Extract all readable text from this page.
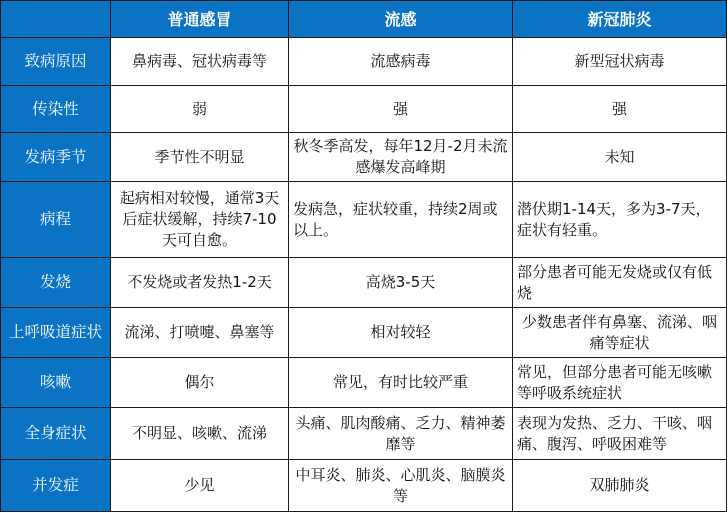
	普通感冒	流感	新冠肺炎
致病原因	鼻病毒、冠状病毒等	流感病毒	新型冠状病毒
传染性	弱	强	强
发病季节	季节性不明显	秋冬季高发，每年12月-2月未流感爆发高峰期	未知
病程	起病相对较慢，通常3天后症状缓解，持续7-10天可自愈。	发病急，症状较重，持续2周或以上。	潜伏期1-14天，多为3-7天，症状有轻重。
发烧	不发烧或者发热1-2天	高烧3-5天	部分患者可能无发烧或仅有低烧
上呼吸道症状	流涕、打喷嚏、鼻塞等	相对较轻	少数患者伴有鼻塞、流涕、咽痛等症状
咳嗽	偶尔	常见，有时比较严重	常见，但部分患者可能无咳嗽等呼吸系统症状
全身症状	不明显、咳嗽、流涕	头痛、肌肉酸痛、乏力、精神萎靡等	表现为发热、乏力、干咳、咽痛、腹泻、呼吸困难等
并发症	少见	中耳炎、肺炎、心肌炎、脑膜炎等	双肺肺炎
